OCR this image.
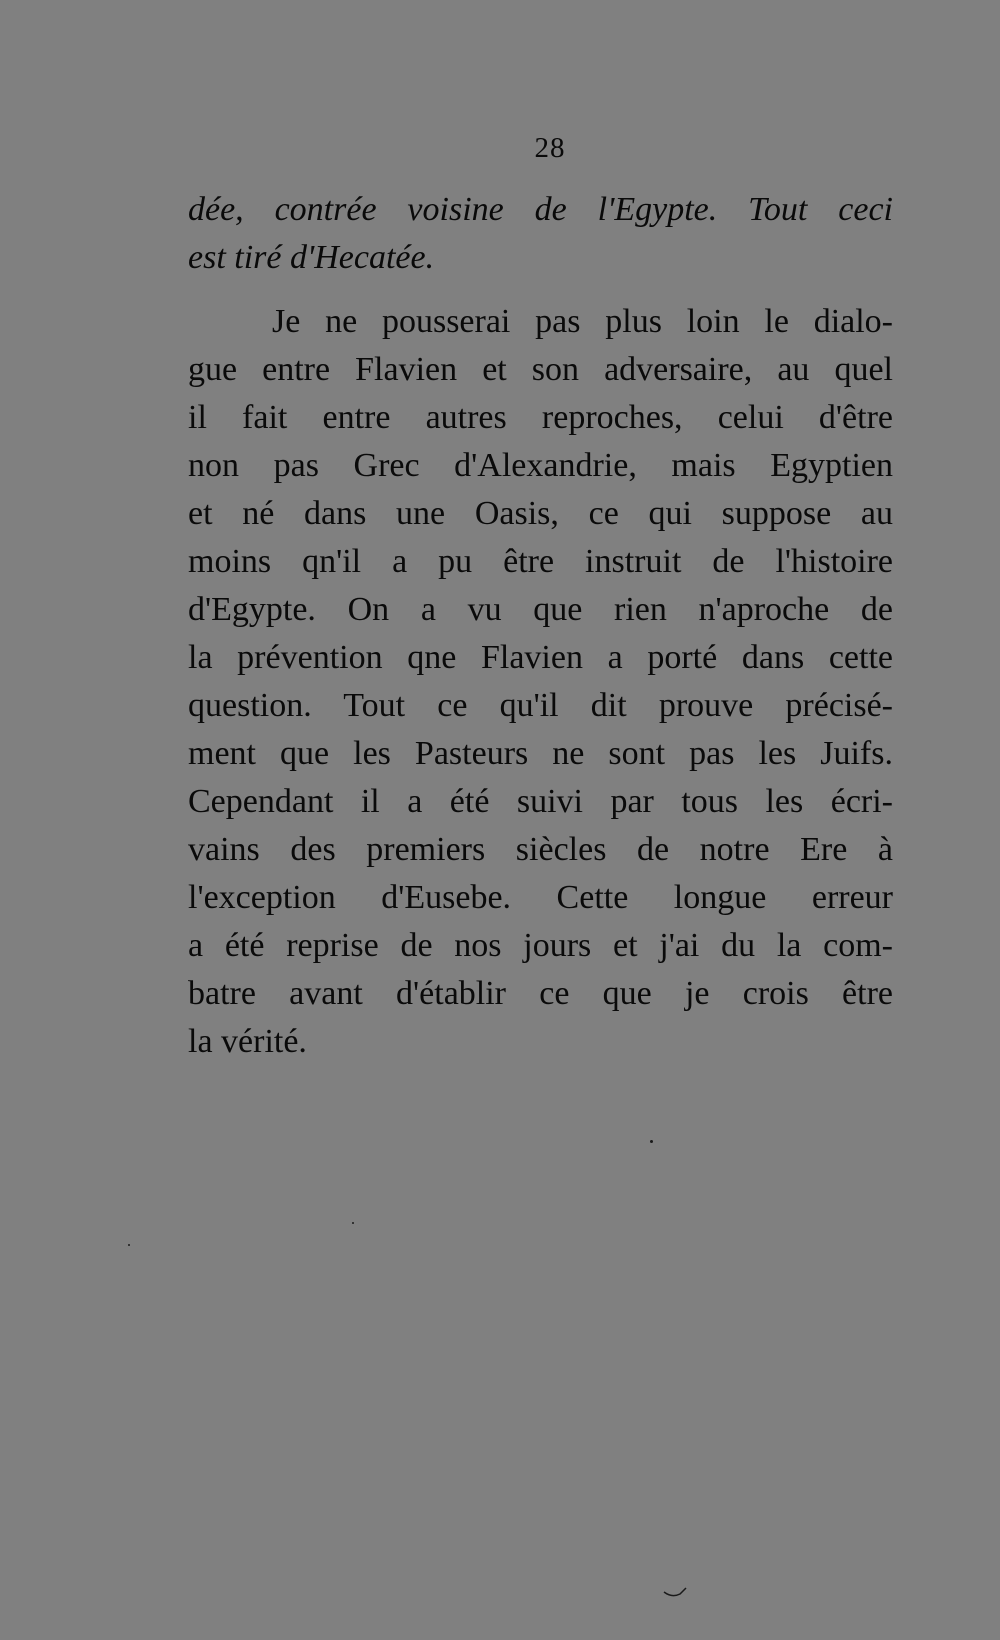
28
dée, contrée voisine de l'Egypte. Tout ceci
est tiré d'Hecatée.
Je ne pousserai pas plus loin le dialo-
gue entre Flavien et son adversaire, au quel
il fait entre autres reproches, celui d'être
non pas Grec d'Alexandrie, mais Egyptien
et né dans une Oasis, ce qui suppose au
moins qn'il a pu être instruit de l'histoire
d'Egypte. On a vu que rien n'aproche de
la prévention qne Flavien a porté dans cette
question. Tout ce qu'il dit prouve précisé-
ment que les Pasteurs ne sont pas les Juifs.
Cependant il a été suivi par tous les écri-
vains des premiers siècles de notre Ere à
l'exception d'Eusebe. Cette longue erreur
a été reprise de nos jours et j'ai du la com-
batre avant d'établir ce que je crois être
la vérité.
